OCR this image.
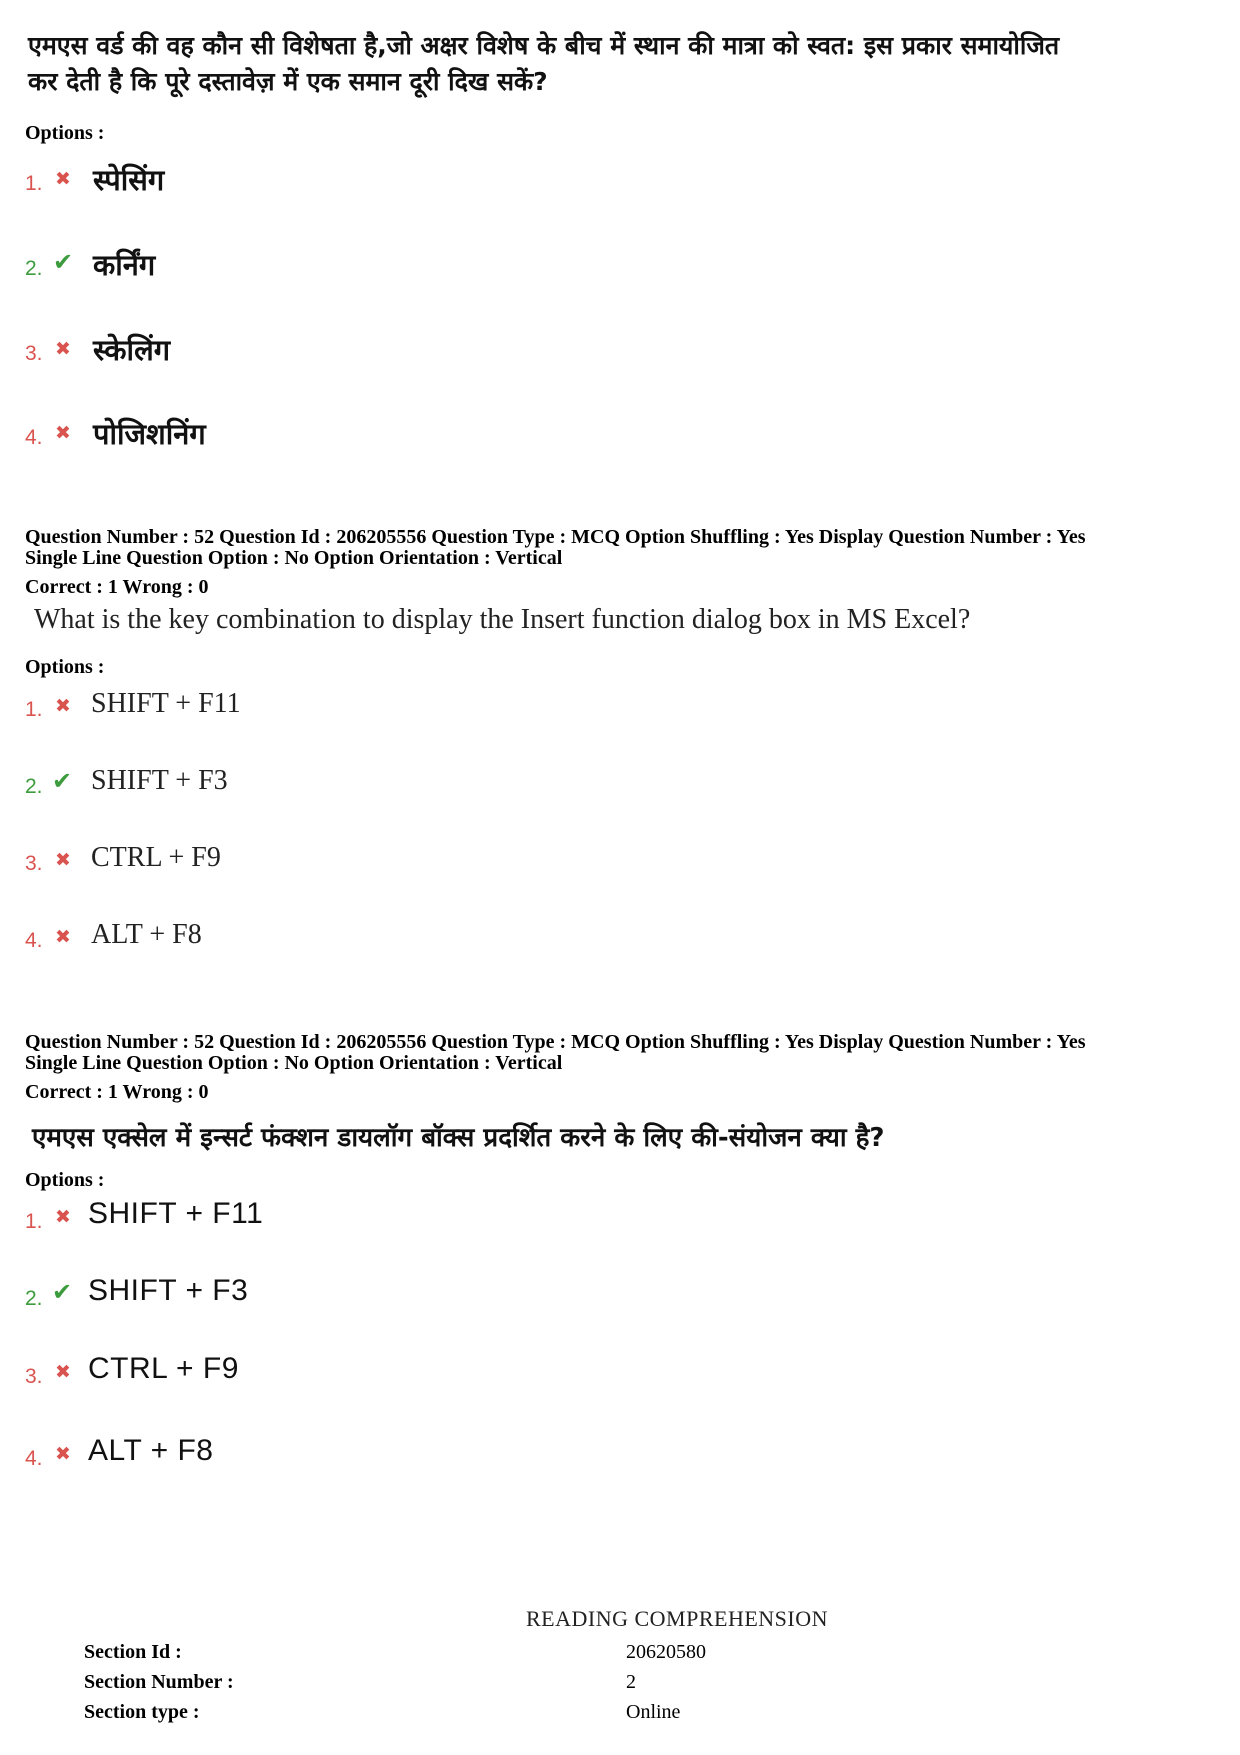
एमएस वर्ड की वह कौन सी विशेषता है,जो अक्षर विशेष के बीच में स्थान की मात्रा को स्वत: इस प्रकार समायोजित
कर देती है कि पूरे दस्तावेज़ में एक समान दूरी दिख सकें?
Options :
1. ✖ स्पेसिंग
2. ✔ कर्निंग
3. ✖ स्केलिंग
4. ✖ पोजिशनिंग
Question Number : 52 Question Id : 206205556 Question Type : MCQ Option Shuffling : Yes Display Question Number : Yes
Single Line Question Option : No Option Orientation : Vertical
Correct : 1 Wrong : 0
What is the key combination to display the Insert function dialog box in MS Excel?
Options :
1. ✖ SHIFT + F11
2. ✔ SHIFT + F3
3. ✖ CTRL + F9
4. ✖ ALT + F8
Question Number : 52 Question Id : 206205556 Question Type : MCQ Option Shuffling : Yes Display Question Number : Yes
Single Line Question Option : No Option Orientation : Vertical
Correct : 1 Wrong : 0
एमएस एक्सेल में इन्सर्ट फंक्शन डायलॉग बॉक्स प्रदर्शित करने के लिए की-संयोजन क्या है?
Options :
1. ✖ SHIFT + F11
2. ✔ SHIFT + F3
3. ✖ CTRL + F9
4. ✖ ALT + F8
READING COMPREHENSION
Section Id :	20620580
Section Number :	2
Section type :	Online
